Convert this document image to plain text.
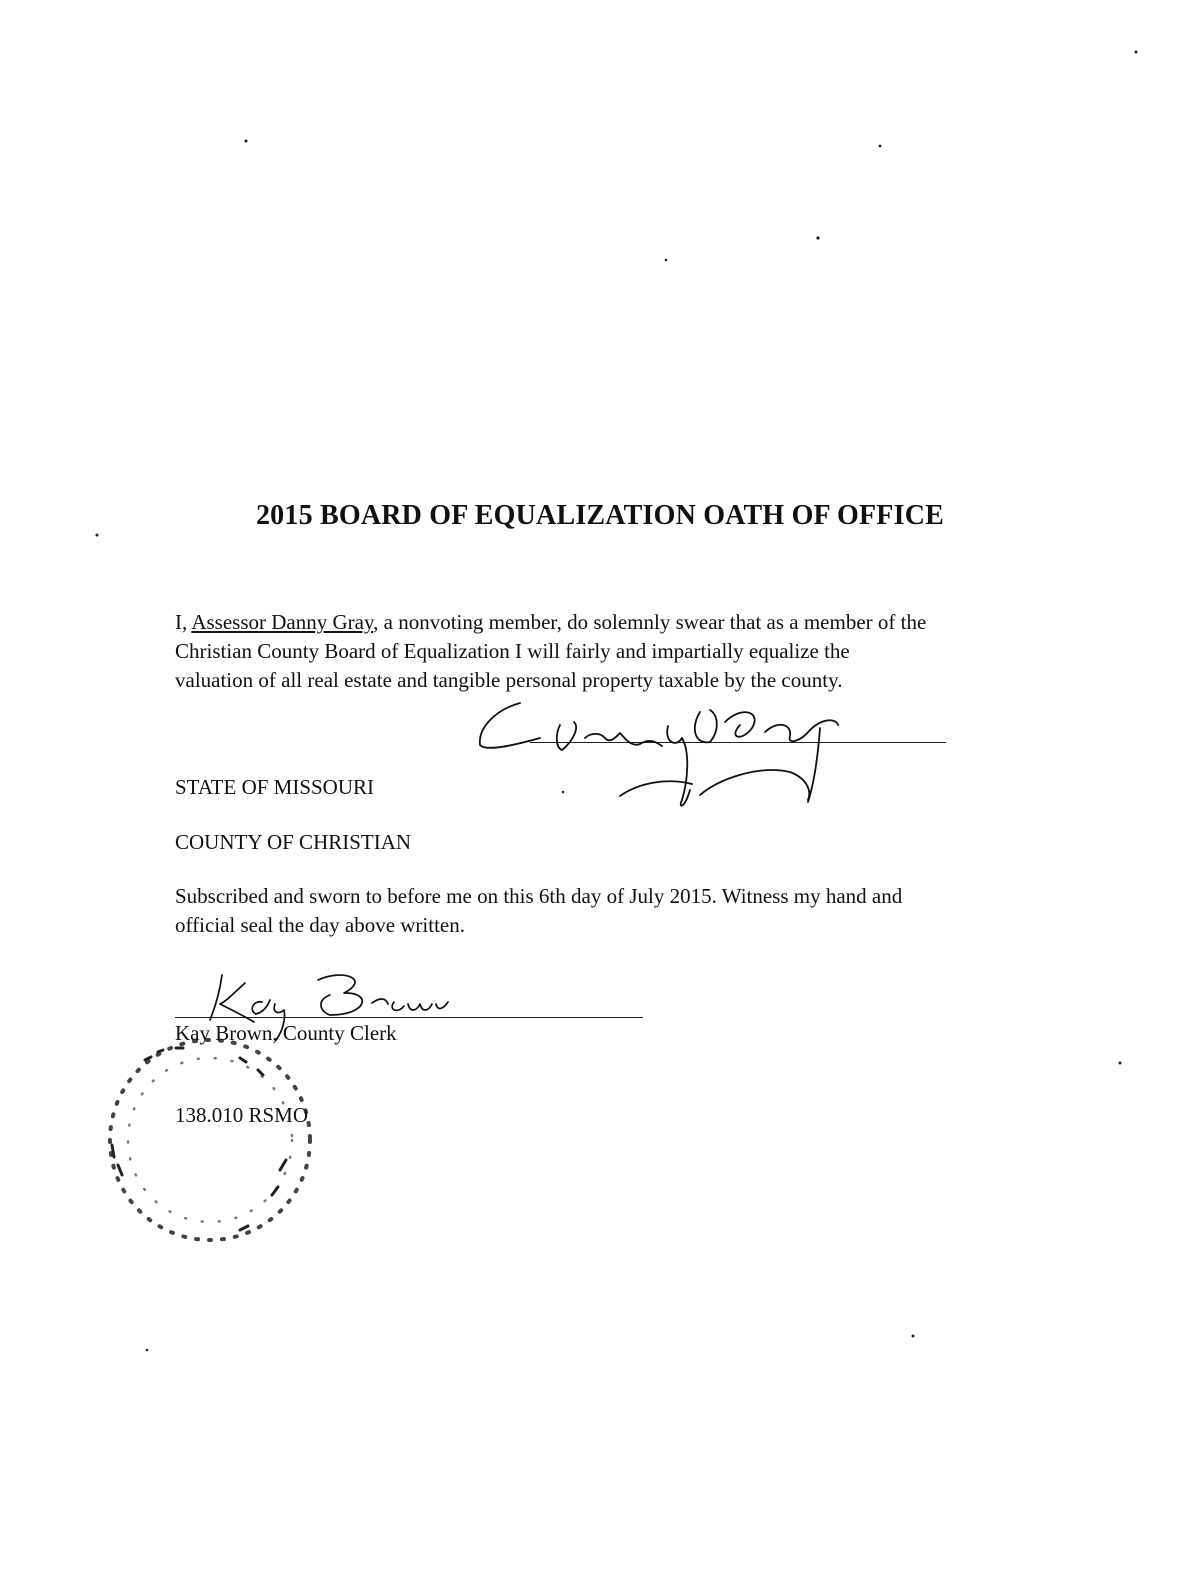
2015 BOARD OF EQUALIZATION OATH OF OFFICE
I, Assessor Danny Gray, a nonvoting member, do solemnly swear that as a member of the
Christian County Board of Equalization I will fairly and impartially equalize the
valuation of all real estate and tangible personal property taxable by the county.
STATE OF MISSOURI
COUNTY OF CHRISTIAN
Subscribed and sworn to before me on this 6th day of July 2015. Witness my hand and
official seal the day above written.
Kay Brown, County Clerk
138.010 RSMO
